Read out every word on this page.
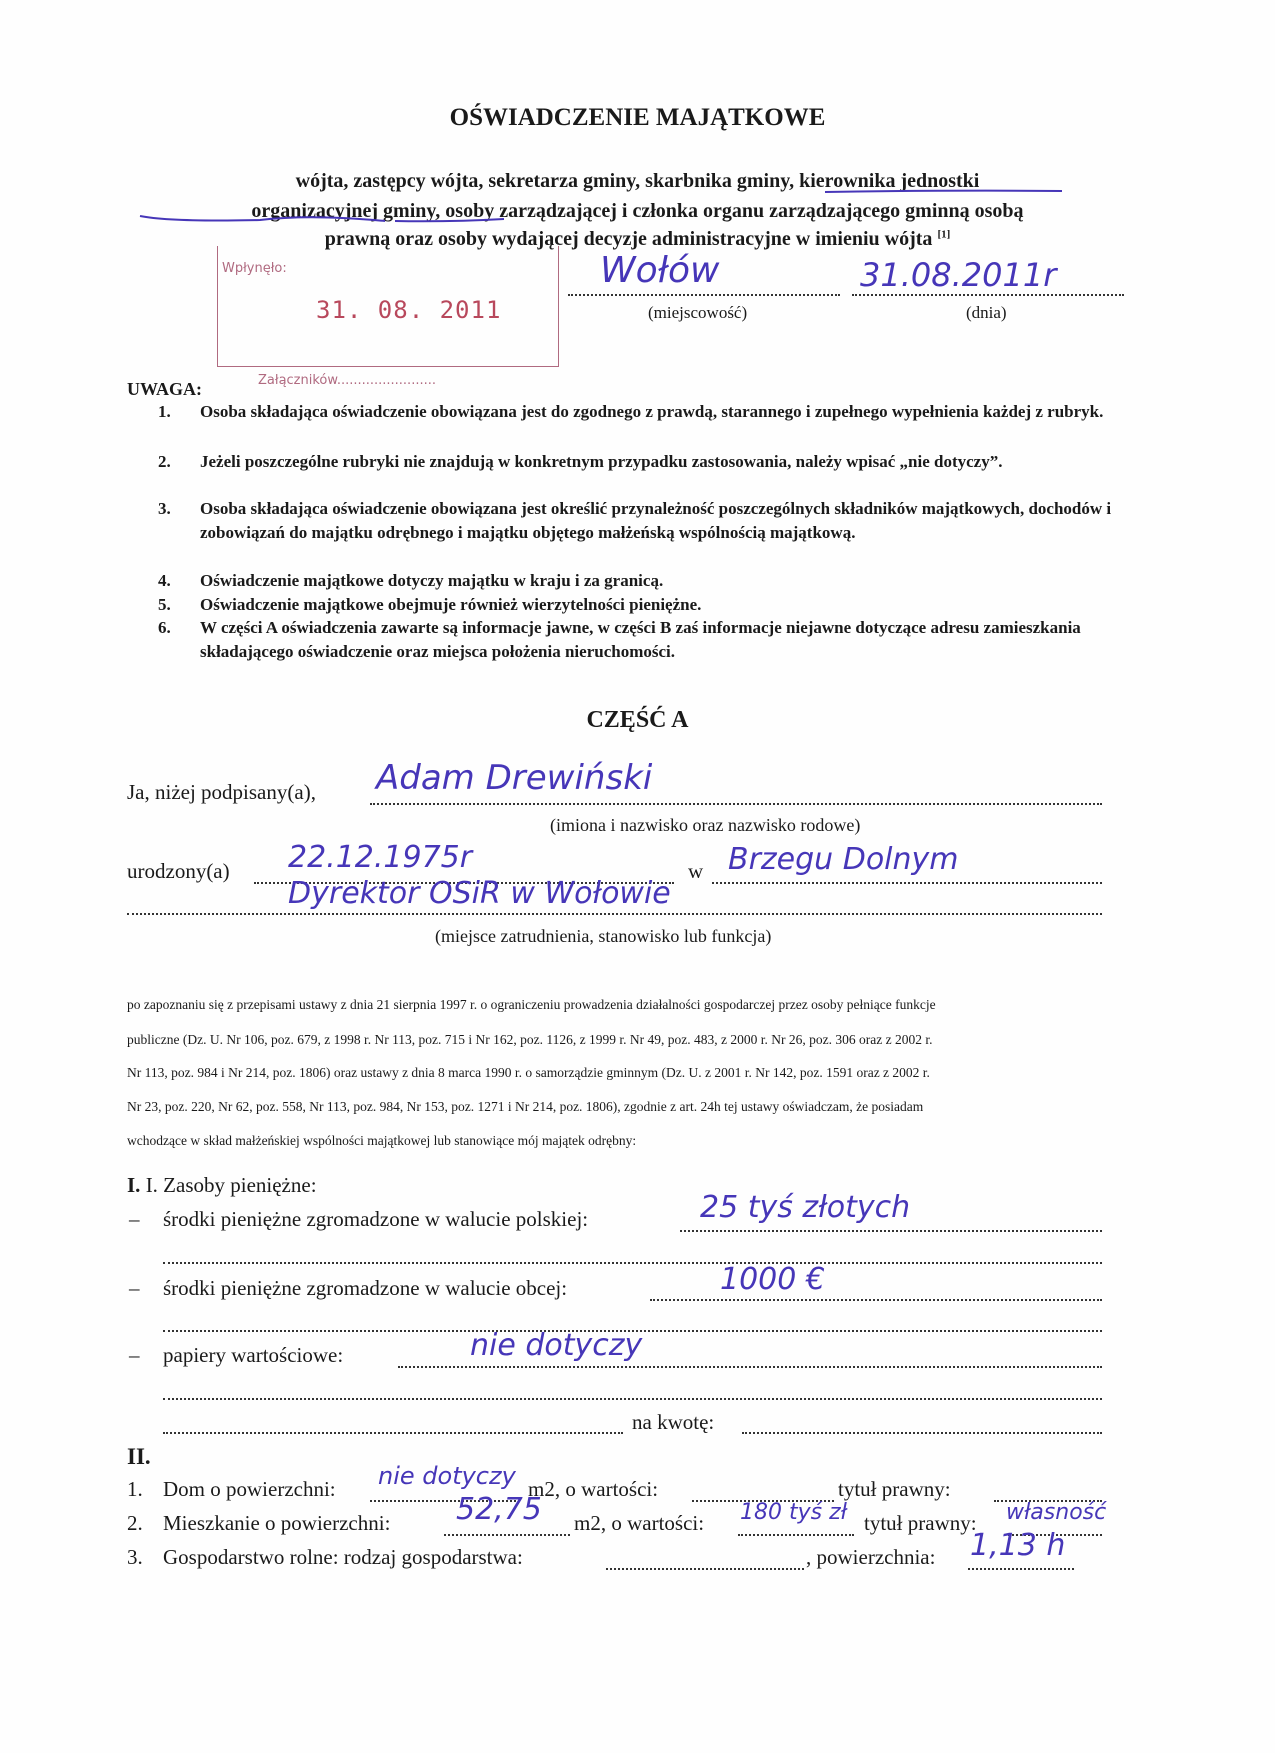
OŚWIADCZENIE MAJĄTKOWE
wójta, zastępcy wójta, sekretarza gminy, skarbnika gminy, kierownika jednostki
organizacyjnej gminy, osoby zarządzającej i członka organu zarządzającego gminną osobą
prawną oraz osoby wydającej decyzje administracyjne w imieniu wójta [1]
Wpłynęło:
31. 08. 2011
Załączników........................
Wołów	31.08.2011r
(miejscowość)	(dnia)
UWAGA:
1. Osoba składająca oświadczenie obowiązana jest do zgodnego z prawdą, starannego i zupełnego wypełnienia każdej z rubryk.
2. Jeżeli poszczególne rubryki nie znajdują w konkretnym przypadku zastosowania, należy wpisać „nie dotyczy”.
3. Osoba składająca oświadczenie obowiązana jest określić przynależność poszczególnych składników majątkowych, dochodów i zobowiązań do majątku odrębnego i majątku objętego małżeńską wspólnością majątkową.
4. Oświadczenie majątkowe dotyczy majątku w kraju i za granicą.
5. Oświadczenie majątkowe obejmuje również wierzytelności pieniężne.
6. W części A oświadczenia zawarte są informacje jawne, w części B zaś informacje niejawne dotyczące adresu zamieszkania składającego oświadczenie oraz miejsca położenia nieruchomości.
CZĘŚĆ A
Ja, niżej podpisany(a), Adam Drewiński
(imiona i nazwisko oraz nazwisko rodowe)
urodzony(a) 22.12.1975r	w Brzegu Dolnym
Dyrektor OSiR w Wołowie
(miejsce zatrudnienia, stanowisko lub funkcja)
po zapoznaniu się z przepisami ustawy z dnia 21 sierpnia 1997 r. o ograniczeniu prowadzenia działalności gospodarczej przez osoby pełniące funkcje
publiczne (Dz. U. Nr 106, poz. 679, z 1998 r. Nr 113, poz. 715 i Nr 162, poz. 1126, z 1999 r. Nr 49, poz. 483, z 2000 r. Nr 26, poz. 306 oraz z 2002 r.
Nr 113, poz. 984 i Nr 214, poz. 1806) oraz ustawy z dnia 8 marca 1990 r. o samorządzie gminnym (Dz. U. z 2001 r. Nr 142, poz. 1591 oraz z 2002 r.
Nr 23, poz. 220, Nr 62, poz. 558, Nr 113, poz. 984, Nr 153, poz. 1271 i Nr 214, poz. 1806), zgodnie z art. 24h tej ustawy oświadczam, że posiadam
wchodzące w skład małżeńskiej wspólności majątkowej lub stanowiące mój majątek odrębny:
I. I. Zasoby pieniężne:
– środki pieniężne zgromadzone w walucie polskiej:	25 tyś złotych
– środki pieniężne zgromadzone w walucie obcej:	1000 €
– papiery wartościowe:	nie dotyczy
na kwotę:
II.
1. Dom o powierzchni: nie dotyczy m2, o wartości:	tytuł prawny:
2. Mieszkanie o powierzchni: 52,75 m2, o wartości: 180 tyś zł tytuł prawny: własność
3. Gospodarstwo rolne: rodzaj gospodarstwa:	, powierzchnia: 1,13 h
